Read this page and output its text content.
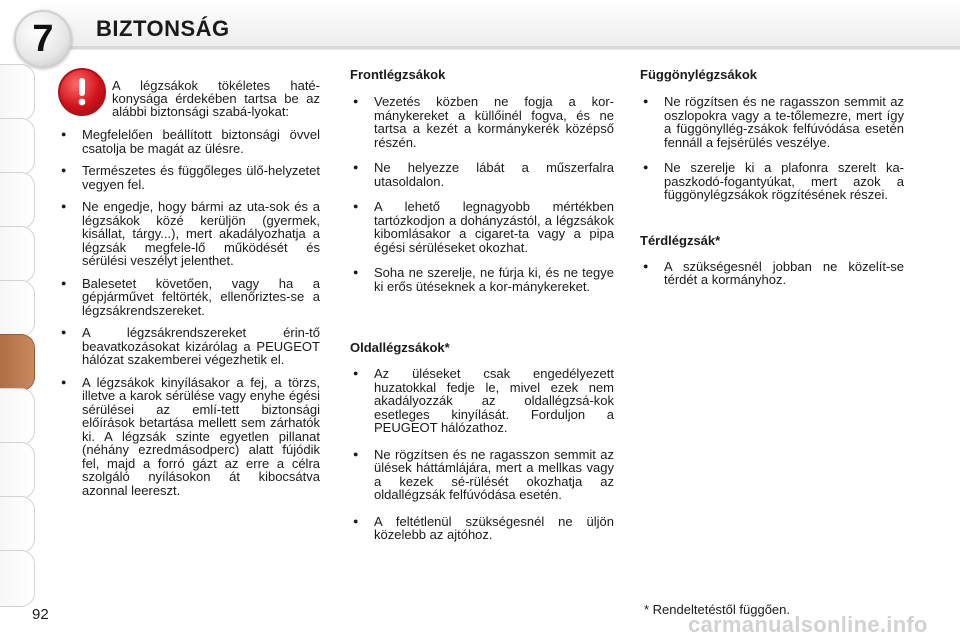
7	BIZTONSÁG

A légzsákok tökéletes haté-konysága érdekében tartsa be az alábbi biztonsági szabá-lyokat:

● Megfelelően beállított biztonsági övvel csatolja be magát az ülésre.
● Természetes és függőleges ülő-helyzetet vegyen fel.
● Ne engedje, hogy bármi az uta-sok és a légzsákok közé kerüljön (gyermek, kisállat, tárgy...), mert akadályozhatja a légzsák megfele-lő működését és sérülési veszélyt jelenthet.
● Balesetet követően, vagy ha a gépjárművet feltörték, ellenőriztes-se a légzsákrendszereket.
● A légzsákrendszereket érin-tő beavatkozásokat kizárólag a PEUGEOT hálózat szakemberei végezhetik el.
● A légzsákok kinyílásakor a fej, a törzs, illetve a karok sérülése vagy enyhe égési sérülései az emlí-tett biztonsági előírások betartása mellett sem zárhatók ki. A légzsák szinte egyetlen pillanat (néhány ezredmásodperc) alatt fújódik fel, majd a forró gázt az erre a célra szolgáló nyílásokon át kibocsátva azonnal leereszt.

Frontlégzsákok

● Vezetés közben ne fogja a kor-mánykereket a küllőinél fogva, és ne tartsa a kezét a kormánykerék középső részén.
● Ne helyezze lábát a műszerfalra utasoldalon.
● A lehető legnagyobb mértékben tartózkodjon a dohányzástól, a légzsákok kibomlásakor a cigaret-ta vagy a pipa égési sérüléseket okozhat.
● Soha ne szerelje, ne fúrja ki, és ne tegye ki erős ütéseknek a kor-mánykereket.

Oldallégzsákok*

● Az üléseket csak engedélyezett huzatokkal fedje le, mivel ezek nem akadályozzák az oldallégzsá-kok esetleges kinyílását. Forduljon a PEUGEOT hálózathoz.
● Ne rögzítsen és ne ragasszon semmit az ülések háttámlájára, mert a mellkas vagy a kezek sé-rülését okozhatja az oldallégzsák felfúvódása esetén.
● A feltétlenül szükségesnél ne üljön közelebb az ajtóhoz.

Függönylégzsákok

● Ne rögzítsen és ne ragasszon semmit az oszlopokra vagy a te-tőlemezre, mert így a függönyllég-zsákok felfúvódása esetén fennáll a fejsérülés veszélye.
● Ne szerelje ki a plafonra szerelt ka-paszkodó-fogantyúkat, mert azok a függönylégzsákok rögzítésének részei.

Térdlégzsák*

● A szükségesnél jobban ne közelít-se térdét a kormányhoz.
92	* Rendeltetéstől függően.
carmanualsonline.info
